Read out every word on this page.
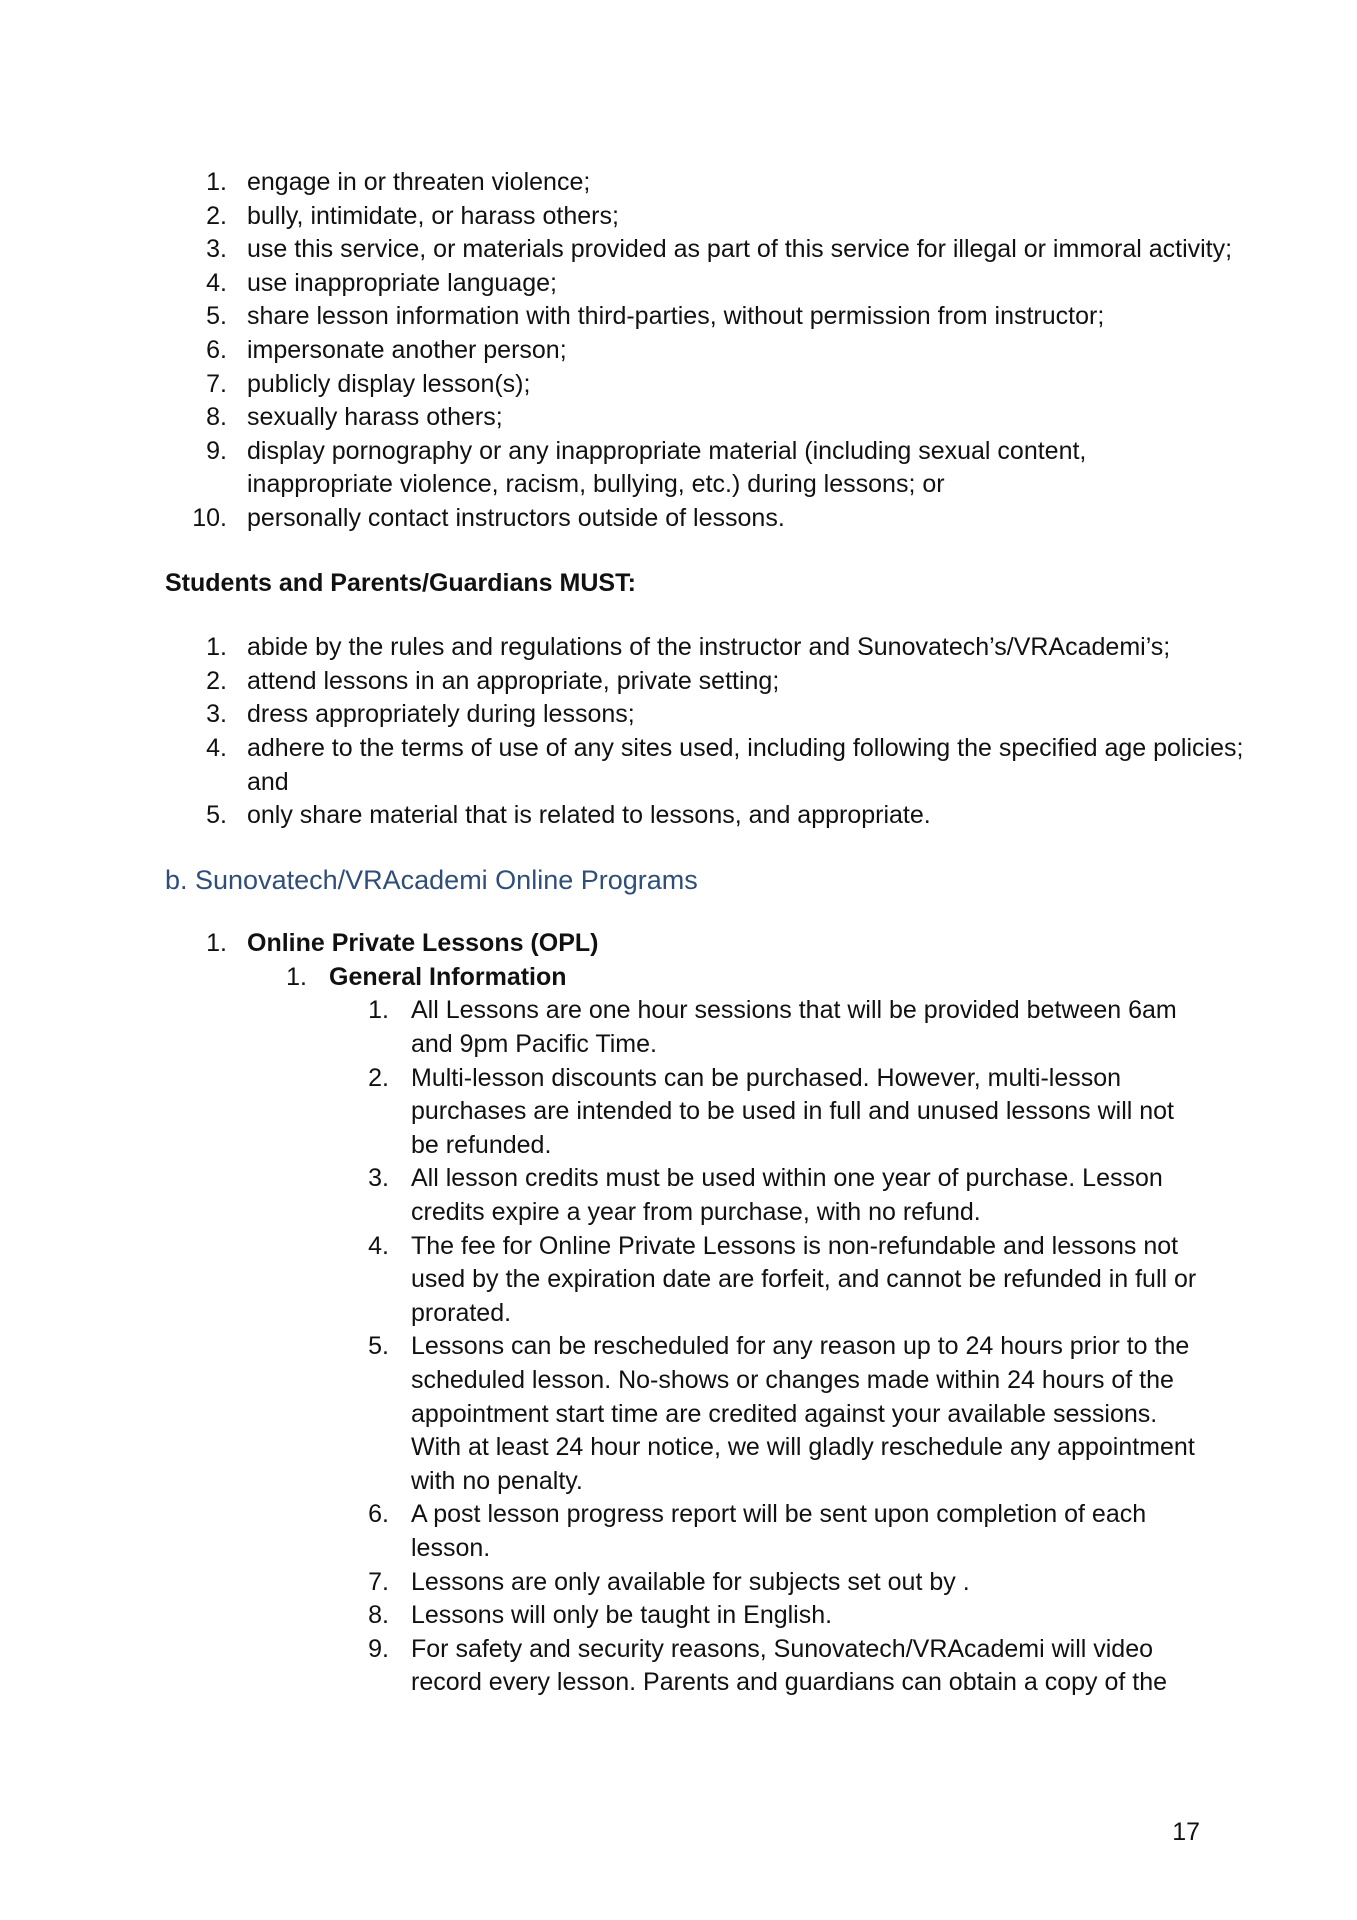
1. engage in or threaten violence;
2. bully, intimidate, or harass others;
3. use this service, or materials provided as part of this service for illegal or immoral activity;
4. use inappropriate language;
5. share lesson information with third-parties, without permission from instructor;
6. impersonate another person;
7. publicly display lesson(s);
8. sexually harass others;
9. display pornography or any inappropriate material (including sexual content, inappropriate violence, racism, bullying, etc.) during lessons; or
10. personally contact instructors outside of lessons.
Students and Parents/Guardians MUST:
1. abide by the rules and regulations of the instructor and Sunovatech’s/VRAcademi’s;
2. attend lessons in an appropriate, private setting;
3. dress appropriately during lessons;
4. adhere to the terms of use of any sites used, including following the specified age policies; and
5. only share material that is related to lessons, and appropriate.
b. Sunovatech/VRAcademi Online Programs
1. Online Private Lessons (OPL)
1. General Information
1. All Lessons are one hour sessions that will be provided between 6am and 9pm Pacific Time.
2. Multi-lesson discounts can be purchased. However, multi-lesson purchases are intended to be used in full and unused lessons will not be refunded.
3. All lesson credits must be used within one year of purchase. Lesson credits expire a year from purchase, with no refund.
4. The fee for Online Private Lessons is non-refundable and lessons not used by the expiration date are forfeit, and cannot be refunded in full or prorated.
5. Lessons can be rescheduled for any reason up to 24 hours prior to the scheduled lesson. No-shows or changes made within 24 hours of the appointment start time are credited against your available sessions. With at least 24 hour notice, we will gladly reschedule any appointment with no penalty.
6. A post lesson progress report will be sent upon completion of each lesson.
7. Lessons are only available for subjects set out by .
8. Lessons will only be taught in English.
9. For safety and security reasons, Sunovatech/VRAcademi will video record every lesson. Parents and guardians can obtain a copy of the
17
